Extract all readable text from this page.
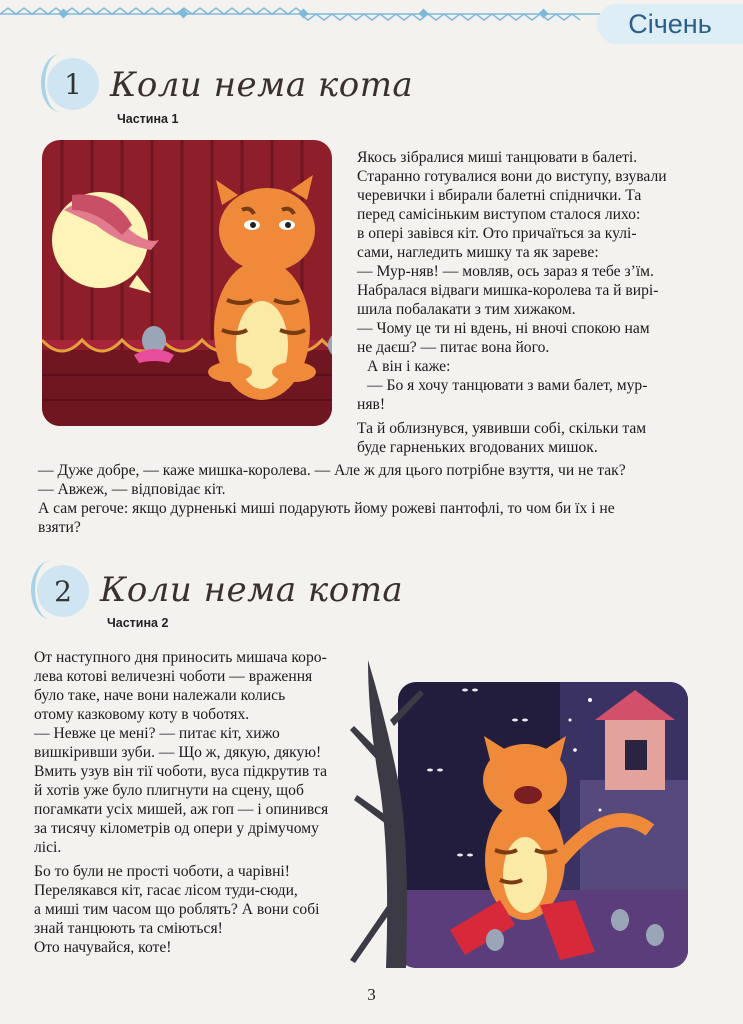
Січень
1 Коли нема кота
Частина 1
Якось зібралися миші танцювати в балеті.
Старанно готувалися вони до виступу, взували
черевички і вбирали балетні спіднички. Та
перед самісіньким виступом сталося лихо:
в опері завівся кіт. Ото причаїться за кулі-
сами, нагледить мишку та як заревe:
— Мур-няв! — мовляв, ось зараз я тебе з’їм.
Набралася відваги мишка-королева та й вирі-
шила побалакати з тим хижаком.
— Чому це ти ні вдень, ні вночі спокою нам
не даєш? — питає вона його.
А він і каже:
— Бо я хочу танцювати з вами балет, мур-
няв!
Та й облизнувся, уявивши собі, скільки там
буде гарненьких вгодованих мишок.
— Дуже добре, — каже мишка-королева. — Але ж для цього потрібне взуття, чи не так?
— Авжеж, — відповідає кіт.
А сам регоче: якщо дурненькі миші подарують йому рожеві пантофлі, то чом би їх і не
взяти?
2 Коли нема кота
Частина 2
От наступного дня приносить мишача коро-
лева котові величезні чоботи — враження
було таке, наче вони належали колись
отому казковому коту в чоботях.
— Невже це мені? — питає кіт, хижо
вишкіривши зуби. — Що ж, дякую, дякую!
Вмить узув він тії чоботи, вуса підкрутив та
й хотів уже було плигнути на сцену, щоб
погамкати усіх мишей, аж гоп — і опинився
за тисячу кілометрів од опери у дрімучому
лісі.
Бо то були не прості чоботи, а чарівні!
Перелякався кіт, гасає лісом туди-сюди,
а миші тим часом що роблять? А вони собі
знай танцюють та сміються!
Ото начувайся, коте!
3
